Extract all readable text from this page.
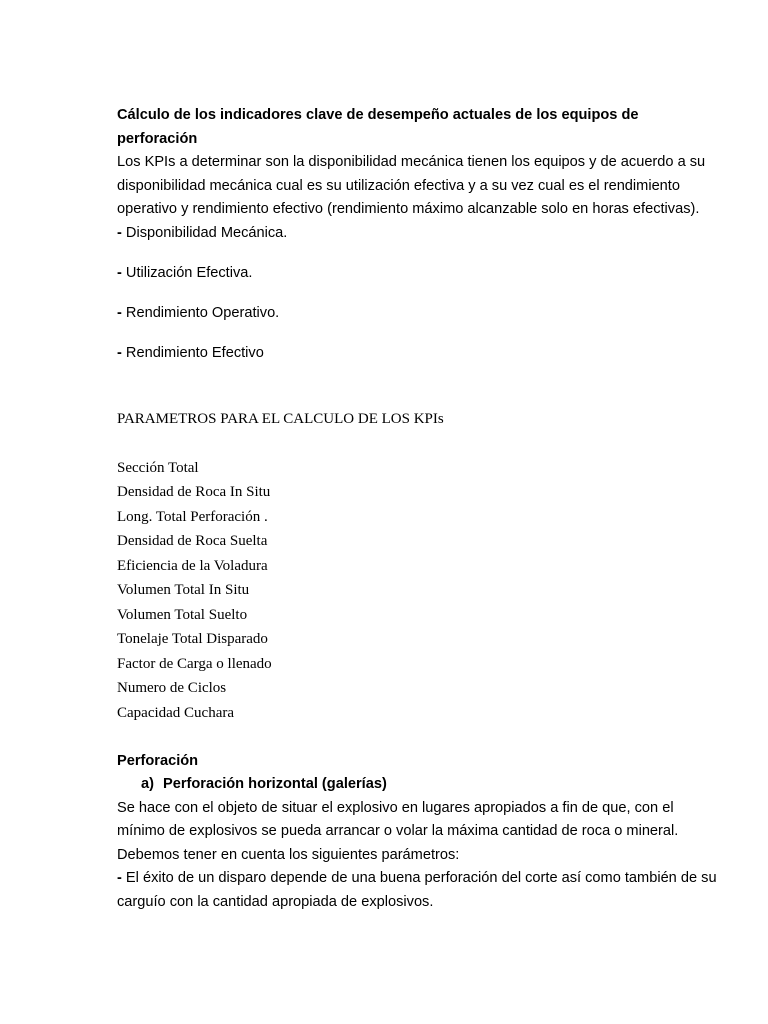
Cálculo de los indicadores clave de desempeño actuales de los equipos de perforación

Los KPIs a determinar son la disponibilidad mecánica tienen los equipos y de acuerdo a su disponibilidad mecánica cual es su utilización efectiva y a su vez cual es el rendimiento operativo y rendimiento efectivo (rendimiento máximo alcanzable solo en horas efectivas).

- Disponibilidad Mecánica.

- Utilización Efectiva.

- Rendimiento Operativo.

- Rendimiento Efectivo

PARAMETROS PARA EL CALCULO DE LOS KPIs

Sección Total
Densidad de Roca In Situ
Long. Total Perforación .
Densidad de Roca Suelta
Eficiencia de la Voladura
Volumen Total In Situ
Volumen Total Suelto
Tonelaje Total Disparado
Factor de Carga o llenado
Numero de Ciclos
Capacidad Cuchara

Perforación

a) Perforación horizontal (galerías)

Se hace con el objeto de situar el explosivo en lugares apropiados a fin de que, con el mínimo de explosivos se pueda arrancar o volar la máxima cantidad de roca o mineral. Debemos tener en cuenta los siguientes parámetros:

- El éxito de un disparo depende de una buena perforación del corte así como también de su carguío con la cantidad apropiada de explosivos.
